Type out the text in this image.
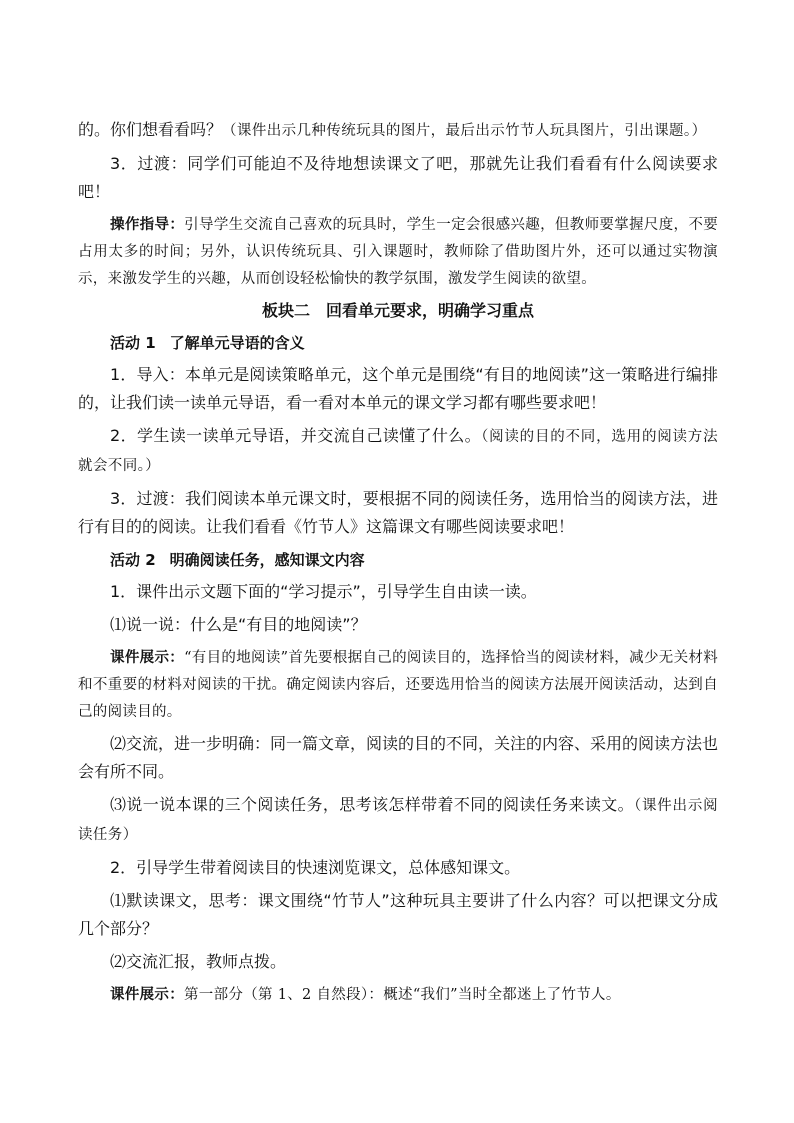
的。你们想看看吗？（课件出示几种传统玩具的图片，最后出示竹节人玩具图片，引出课题。）

3．过渡：同学们可能迫不及待地想读课文了吧，那就先让我们看看有什么阅读要求吧！

操作指导：引导学生交流自己喜欢的玩具时，学生一定会很感兴趣，但教师要掌握尺度，不要占用太多的时间；另外，认识传统玩具、引入课题时，教师除了借助图片外，还可以通过实物演示，来激发学生的兴趣，从而创设轻松愉快的教学氛围，激发学生阅读的欲望。

板块二　回看单元要求，明确学习重点

活动 1 了解单元导语的含义

1．导入：本单元是阅读策略单元，这个单元是围绕“有目的地阅读”这一策略进行编排的，让我们读一读单元导语，看一看对本单元的课文学习都有哪些要求吧！

2．学生读一读单元导语，并交流自己读懂了什么。（阅读的目的不同，选用的阅读方法就会不同。）

3．过渡：我们阅读本单元课文时，要根据不同的阅读任务，选用恰当的阅读方法，进行有目的的阅读。让我们看看《竹节人》这篇课文有哪些阅读要求吧！

活动 2 明确阅读任务，感知课文内容

1．课件出示文题下面的“学习提示”，引导学生自由读一读。

⑴说一说：什么是“有目的地阅读”？

课件展示：“有目的地阅读”首先要根据自己的阅读目的，选择恰当的阅读材料，减少无关材料和不重要的材料对阅读的干扰。确定阅读内容后，还要选用恰当的阅读方法展开阅读活动，达到自己的阅读目的。

⑵交流，进一步明确：同一篇文章，阅读的目的不同，关注的内容、采用的阅读方法也会有所不同。

⑶说一说本课的三个阅读任务，思考该怎样带着不同的阅读任务来读文。（课件出示阅读任务）

2．引导学生带着阅读目的快速浏览课文，总体感知课文。

⑴默读课文，思考：课文围绕“竹节人”这种玩具主要讲了什么内容？可以把课文分成几个部分？

⑵交流汇报，教师点拨。

课件展示：第一部分（第 1、2 自然段）：概述“我们”当时全都迷上了竹节人。
